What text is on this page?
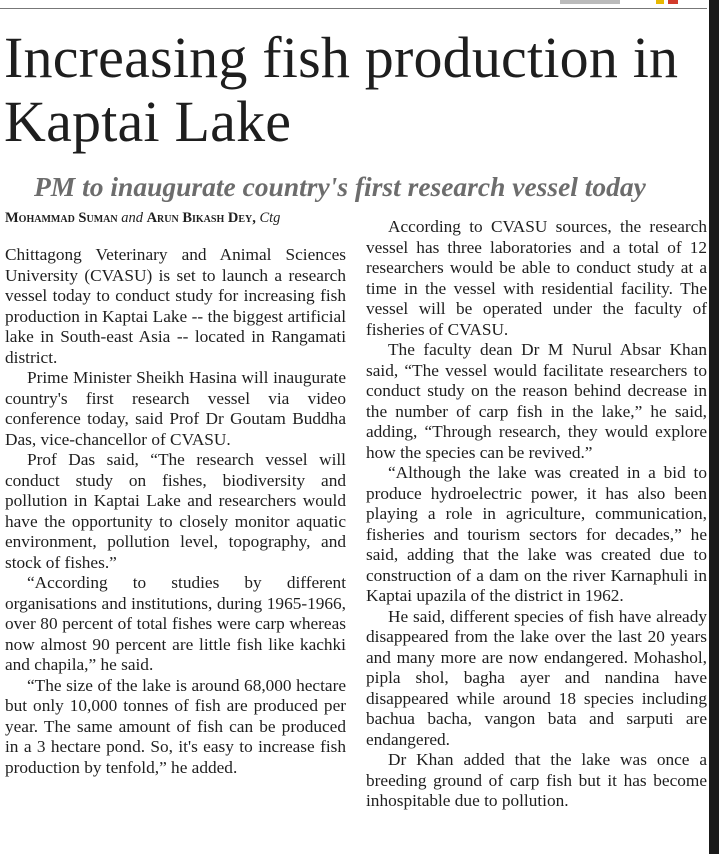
Increasing fish production in Kaptai Lake
PM to inaugurate country's first research vessel today
Mohammad Suman and Arun Bikash Dey, Ctg

Chittagong Veterinary and Animal Sciences University (CVASU) is set to launch a research vessel today to conduct study for increasing fish production in Kaptai Lake -- the biggest artificial lake in South-east Asia -- located in Rangamati district.

Prime Minister Sheikh Hasina will inaugurate country's first research vessel via video conference today, said Prof Dr Goutam Buddha Das, vice-chancellor of CVASU.

Prof Das said, “The research vessel will conduct study on fishes, biodiversity and pollution in Kaptai Lake and researchers would have the opportunity to closely monitor aquatic environment, pollution level, topography, and stock of fishes.”

“According to studies by different organisations and institutions, during 1965-1966, over 80 percent of total fishes were carp whereas now almost 90 percent are little fish like kachki and chapila,” he said.

“The size of the lake is around 68,000 hectare but only 10,000 tonnes of fish are produced per year. The same amount of fish can be produced in a 3 hectare pond. So, it's easy to increase fish production by tenfold,” he added.

According to CVASU sources, the research vessel has three laboratories and a total of 12 researchers would be able to conduct study at a time in the vessel with residential facility. The vessel will be operated under the faculty of fisheries of CVASU.

The faculty dean Dr M Nurul Absar Khan said, “The vessel would facilitate researchers to conduct study on the reason behind decrease in the number of carp fish in the lake,” he said, adding, “Through research, they would explore how the species can be revived.”

“Although the lake was created in a bid to produce hydroelectric power, it has also been playing a role in agriculture, communication, fisheries and tourism sectors for decades,” he said, adding that the lake was created due to construction of a dam on the river Karnaphuli in Kaptai upazila of the district in 1962.

He said, different species of fish have already disappeared from the lake over the last 20 years and many more are now endangered. Mohashol, pipla shol, bagha ayer and nandina have disappeared while around 18 species including bachua bacha, vangon bata and sarputi are endangered.

Dr Khan added that the lake was once a breeding ground of carp fish but it has become inhospitable due to pollution.
